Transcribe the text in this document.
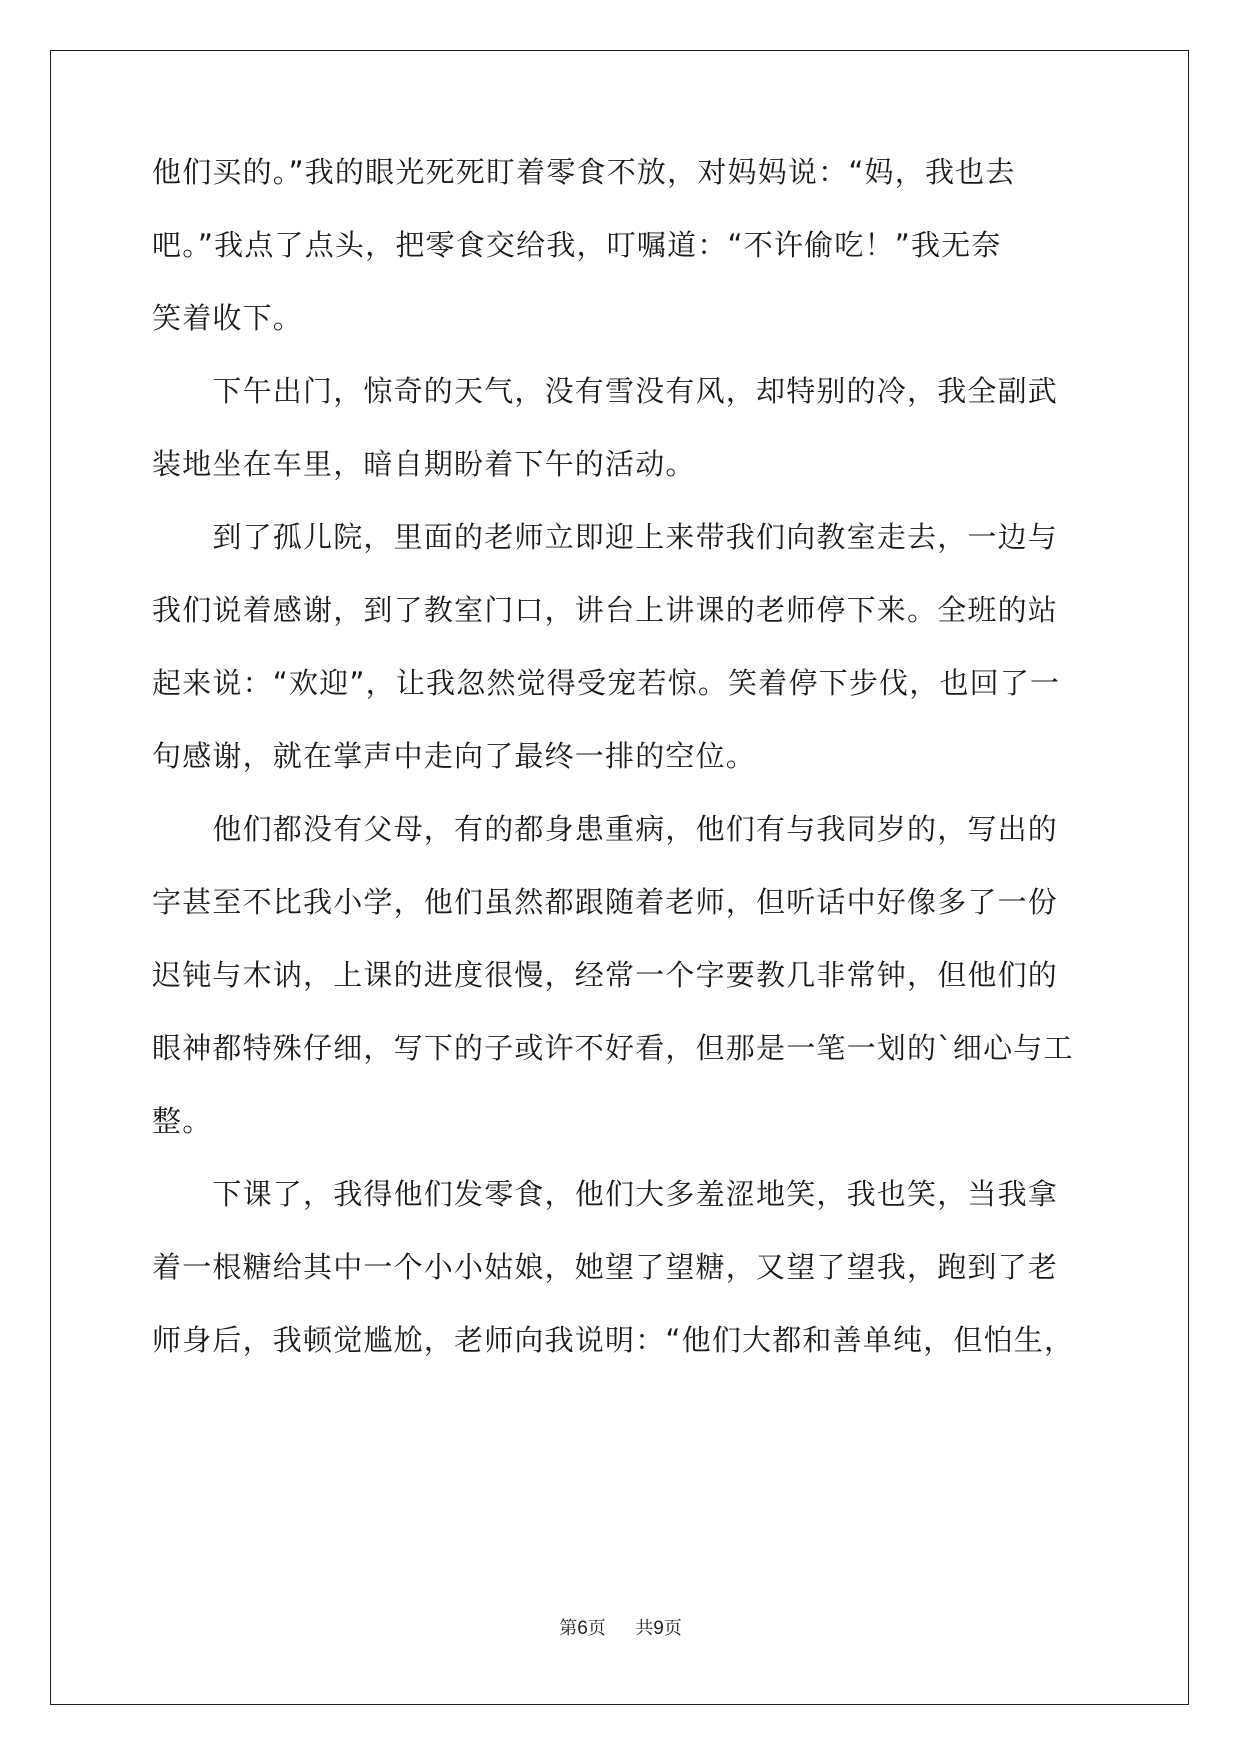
他们买的。”我的眼光死死盯着零食不放，对妈妈说：“妈，我也去
吧。”我点了点头，把零食交给我，叮嘱道：“不许偷吃！”我无奈
笑着收下。
　　下午出门，惊奇的天气，没有雪没有风，却特别的冷，我全副武
装地坐在车里，暗自期盼着下午的活动。
　　到了孤儿院，里面的老师立即迎上来带我们向教室走去，一边与
我们说着感谢，到了教室门口，讲台上讲课的老师停下来。全班的站
起来说：“欢迎”，让我忽然觉得受宠若惊。笑着停下步伐，也回了一
句感谢，就在掌声中走向了最终一排的空位。
　　他们都没有父母，有的都身患重病，他们有与我同岁的，写出的
字甚至不比我小学，他们虽然都跟随着老师，但听话中好像多了一份
迟钝与木讷，上课的进度很慢，经常一个字要教几非常钟，但他们的
眼神都特殊仔细，写下的子或许不好看，但那是一笔一划的`细心与工
整。
　　下课了，我得他们发零食，他们大多羞涩地笑，我也笑，当我拿
着一根糖给其中一个小小姑娘，她望了望糖，又望了望我，跑到了老
师身后，我顿觉尴尬，老师向我说明：“他们大都和善单纯，但怕生，
第6页 共9页
